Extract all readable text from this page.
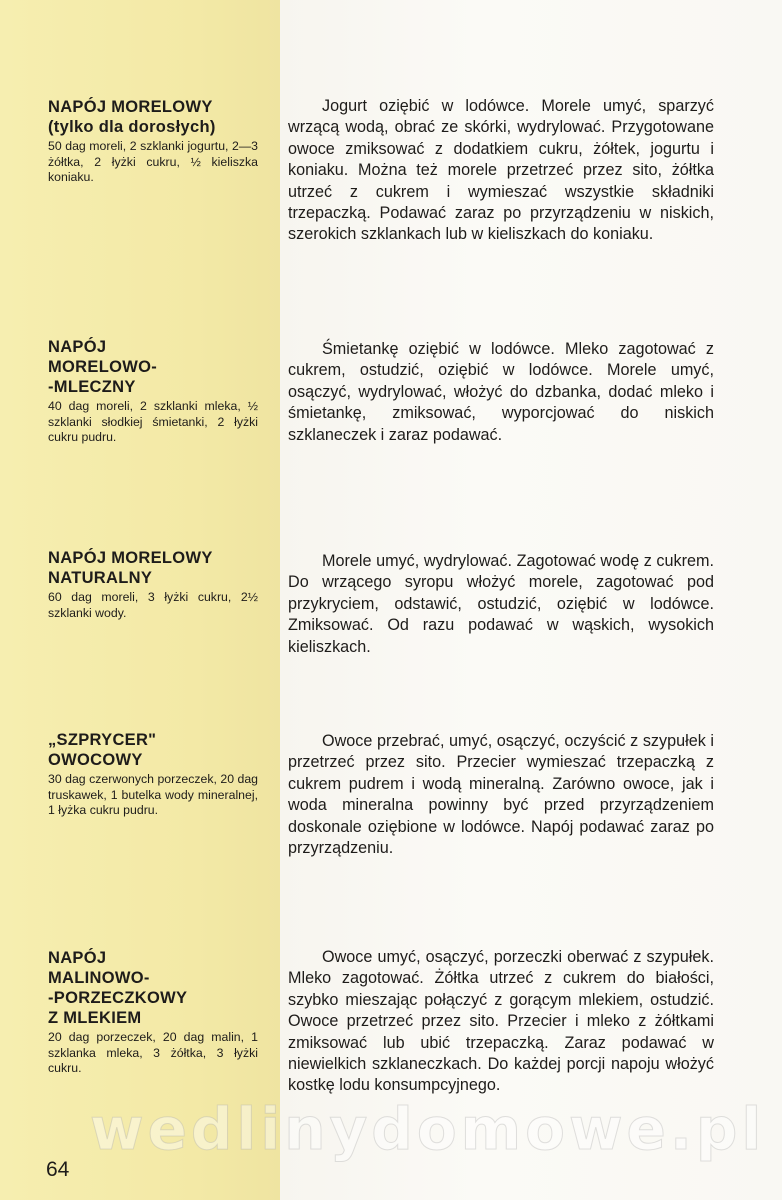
NAPÓJ MORELOWY
(tylko dla dorosłych)

50 dag moreli, 2 szklanki jogurtu, 2—3 żółtka, 2 łyżki cukru, ½ kieliszka koniaku.

Jogurt oziębić w lodówce. Morele umyć, sparzyć wrzącą wodą, obrać ze skórki, wydrylować. Przygotowane owoce zmiksować z dodatkiem cukru, żółtek, jogurtu i koniaku. Można też morele przetrzeć przez sito, żółtka utrzeć z cukrem i wymieszać wszystkie składniki trzepaczką. Podawać zaraz po przyrządzeniu w niskich, szerokich szklankach lub w kieliszkach do koniaku.

NAPÓJ
MORELOWO-
-MLECZNY

40 dag moreli, 2 szklanki mleka, ½ szklanki słodkiej śmietanki, 2 łyżki cukru pudru.

Śmietankę oziębić w lodówce. Mleko zagotować z cukrem, ostudzić, oziębić w lodówce. Morele umyć, osączyć, wydrylować, włożyć do dzbanka, dodać mleko i śmietankę, zmiksować, wyporcjować do niskich szklaneczek i zaraz podawać.

NAPÓJ MORELOWY
NATURALNY

60 dag moreli, 3 łyżki cukru, 2½ szklanki wody.

Morele umyć, wydrylować. Zagotować wodę z cukrem. Do wrzącego syropu włożyć morele, zagotować pod przykryciem, odstawić, ostudzić, oziębić w lodówce. Zmiksować. Od razu podawać w wąskich, wysokich kieliszkach.

„SZPRYCER"
OWOCOWY

30 dag czerwonych porzeczek, 20 dag truskawek, 1 butelka wody mineralnej, 1 łyżka cukru pudru.

Owoce przebrać, umyć, osączyć, oczyścić z szypułek i przetrzeć przez sito. Przecier wymieszać trzepaczką z cukrem pudrem i wodą mineralną. Zarówno owoce, jak i woda mineralna powinny być przed przyrządzeniem doskonale oziębione w lodówce. Napój podawać zaraz po przyrządzeniu.

NAPÓJ
MALINOWO-
-PORZECZKOWY
Z MLEKIEM

20 dag porzeczek, 20 dag malin, 1 szklanka mleka, 3 żółtka, 3 łyżki cukru.

Owoce umyć, osączyć, porzeczki oberwać z szypułek. Mleko zagotować. Żółtka utrzeć z cukrem do białości, szybko mieszając połączyć z gorącym mlekiem, ostudzić. Owoce przetrzeć przez sito. Przecier i mleko z żółtkami zmiksować lub ubić trzepaczką. Zaraz podawać w niewielkich szklaneczkach. Do każdej porcji napoju włożyć kostkę lodu konsumpcyjnego.

wedlinydomowe.pl
64
